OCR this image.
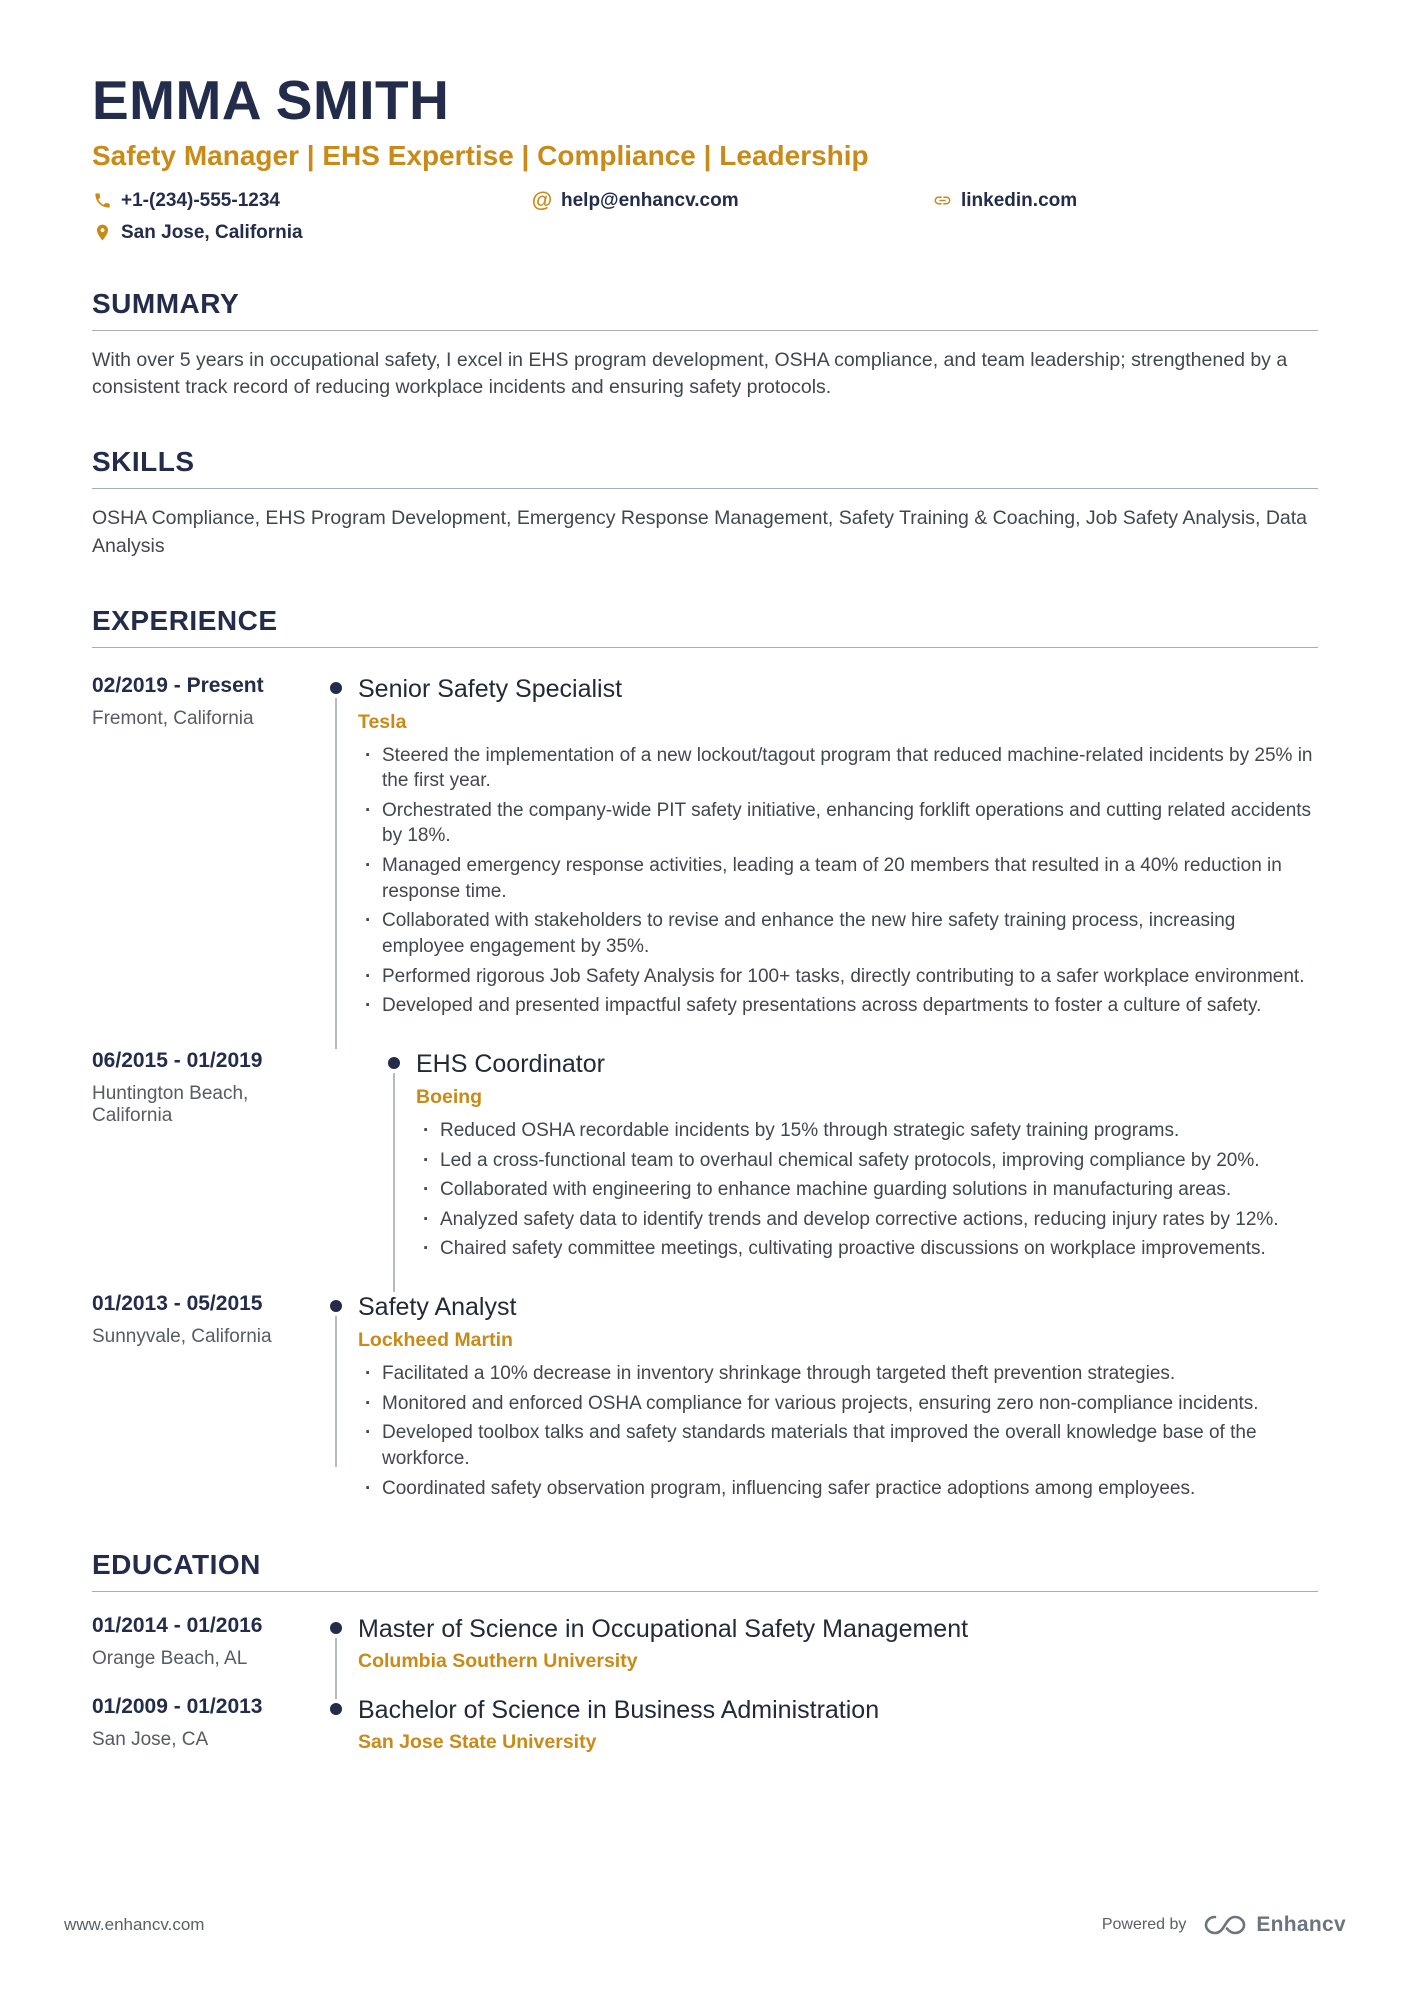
EMMA SMITH
Safety Manager | EHS Expertise | Compliance | Leadership
+1-(234)-555-1234	@ help@enhancv.com	linkedin.com
San Jose, California
SUMMARY
With over 5 years in occupational safety, I excel in EHS program development, OSHA compliance, and team leadership; strengthened by a consistent track record of reducing workplace incidents and ensuring safety protocols.
SKILLS
OSHA Compliance, EHS Program Development, Emergency Response Management, Safety Training & Coaching, Job Safety Analysis, Data Analysis
EXPERIENCE
02/2019 - Present
Fremont, California
Senior Safety Specialist
Tesla
· Steered the implementation of a new lockout/tagout program that reduced machine-related incidents by 25% in the first year.
· Orchestrated the company-wide PIT safety initiative, enhancing forklift operations and cutting related accidents by 18%.
· Managed emergency response activities, leading a team of 20 members that resulted in a 40% reduction in response time.
· Collaborated with stakeholders to revise and enhance the new hire safety training process, increasing employee engagement by 35%.
· Performed rigorous Job Safety Analysis for 100+ tasks, directly contributing to a safer workplace environment.
· Developed and presented impactful safety presentations across departments to foster a culture of safety.
06/2015 - 01/2019
Huntington Beach, California
EHS Coordinator
Boeing
· Reduced OSHA recordable incidents by 15% through strategic safety training programs.
· Led a cross-functional team to overhaul chemical safety protocols, improving compliance by 20%.
· Collaborated with engineering to enhance machine guarding solutions in manufacturing areas.
· Analyzed safety data to identify trends and develop corrective actions, reducing injury rates by 12%.
· Chaired safety committee meetings, cultivating proactive discussions on workplace improvements.
01/2013 - 05/2015
Sunnyvale, California
Safety Analyst
Lockheed Martin
· Facilitated a 10% decrease in inventory shrinkage through targeted theft prevention strategies.
· Monitored and enforced OSHA compliance for various projects, ensuring zero non-compliance incidents.
· Developed toolbox talks and safety standards materials that improved the overall knowledge base of the workforce.
· Coordinated safety observation program, influencing safer practice adoptions among employees.
EDUCATION
01/2014 - 01/2016
Orange Beach, AL
Master of Science in Occupational Safety Management
Columbia Southern University
01/2009 - 01/2013
San Jose, CA
Bachelor of Science in Business Administration
San Jose State University
www.enhancv.com	Powered by	Enhancv
